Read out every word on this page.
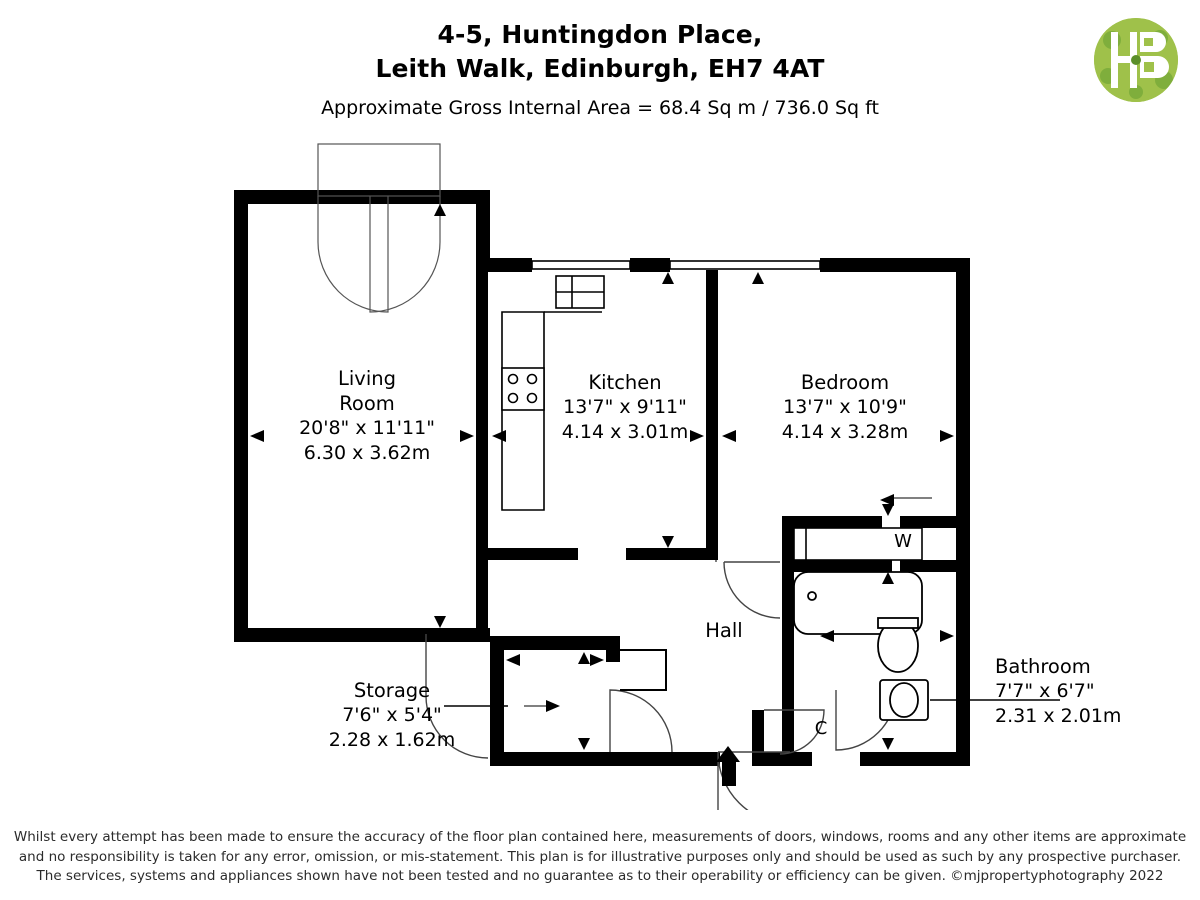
4-5, Huntingdon Place,
Leith Walk, Edinburgh, EH7 4AT
Approximate Gross Internal Area = 68.4 Sq m / 736.0 Sq ft
Living
Room
20'8" x 11'11"
6.30 x 3.62m
Kitchen
13'7" x 9'11"
4.14 x 3.01m
Bedroom
13'7" x 10'9"
4.14 x 3.28m
Storage
7'6" x 5'4"
2.28 x 1.62m
Bathroom
7'7" x 6'7"
2.31 x 2.01m
Hall
W
C
Whilst every attempt has been made to ensure the accuracy of the floor plan contained here, measurements of doors, windows, rooms and any other items are approximate
and no responsibility is taken for any error, omission, or mis-statement. This plan is for illustrative purposes only and should be used as such by any prospective purchaser.
The services, systems and appliances shown have not been tested and no guarantee as to their operability or efficiency can be given. ©mjpropertyphotography 2022
